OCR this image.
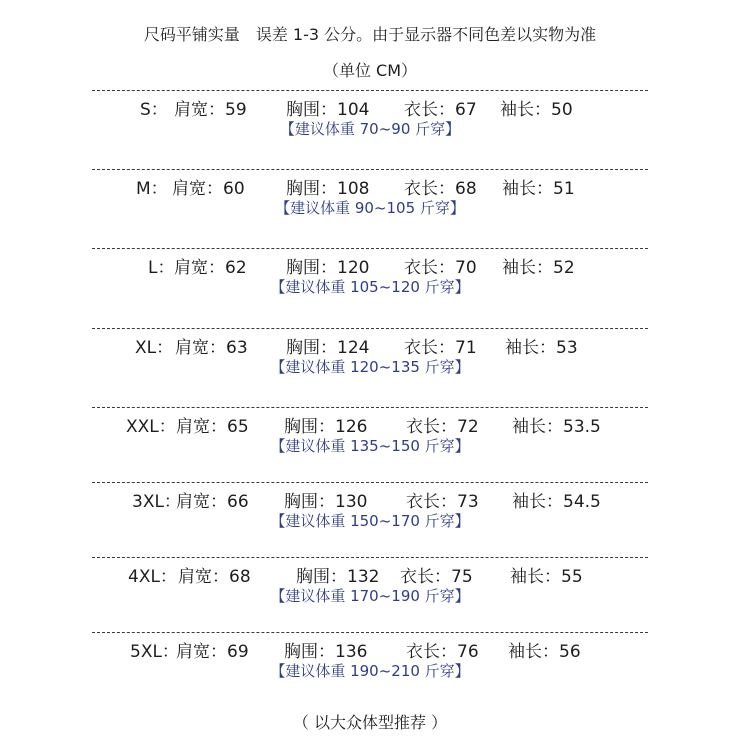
尺码平铺实量　误差 1-3 公分。由于显示器不同色差以实物为准
（单位 CM）
S： 肩宽：59 胸围：104 衣长：67 袖长：50
【建议体重 70~90 斤穿】
M： 肩宽：60 胸围：108 衣长：68 袖长：51
【建议体重 90~105 斤穿】
L： 肩宽：62 胸围：120 衣长：70 袖长：52
【建议体重 105~120 斤穿】
XL： 肩宽：63 胸围：124 衣长：71 袖长：53
【建议体重 120~135 斤穿】
XXL： 肩宽：65 胸围：126 衣长：72 袖长：53.5
【建议体重 135~150 斤穿】
3XL：
肩宽：66 胸围：130 衣长：73 袖长：54.5
【建议体重 150~170 斤穿】
4XL： 肩宽：68	胸围：132 衣长：75 袖长：55
【建议体重 170~190 斤穿】
5XL：
肩宽：69 胸围：136 衣长：76 袖长：56
【建议体重 190~210 斤穿】
（ 以大众体型推荐 ）
